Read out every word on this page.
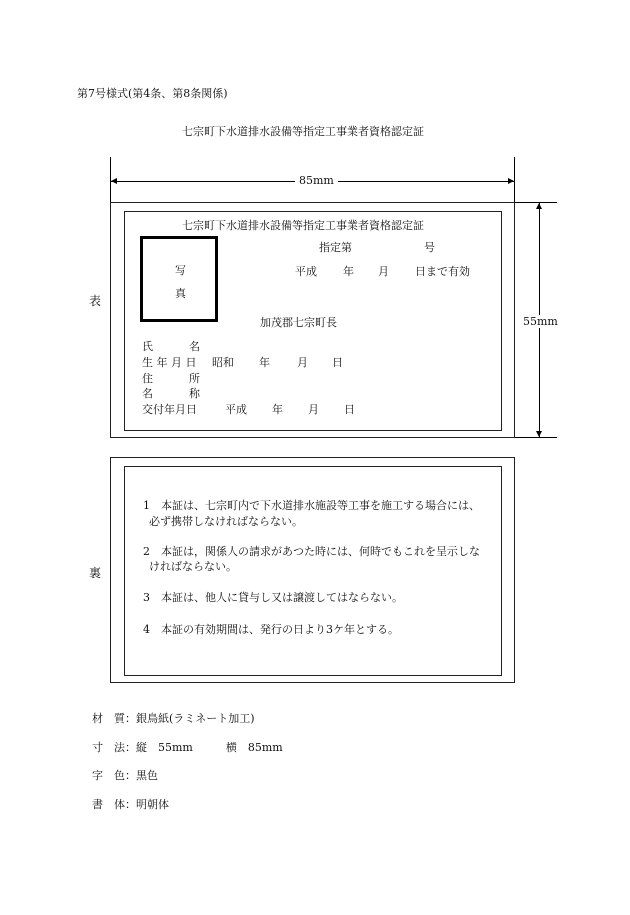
第7号様式(第4条、第8条関係)
七宗町下水道排水設備等指定工事業者資格認定証
85mm
表
七宗町下水道排水設備等指定工事業者資格認定証
写
真
指定第	号
平成 年 月 日まで有効
加茂郡七宗町長
氏	名
生 年 月 日 昭和 年 月 日
住	所
名	称
交付年月日	平成 年 月 日
55mm
裏
1　本証は、七宗町内で下水道排水施設等工事を施工する場合には、
必ず携帯しなければならない。
2　本証は，関係人の請求があつた時には、何時でもこれを呈示しな
ければならない。
3　本証は、他人に貸与し又は譲渡してはならない。
4　本証の有効期間は、発行の日より3ケ年とする。
材　質：銀鳥紙(ラミネート加工)
寸　法：縦　55mm　　　横　85mm
字　色：黒色
書　体：明朝体
